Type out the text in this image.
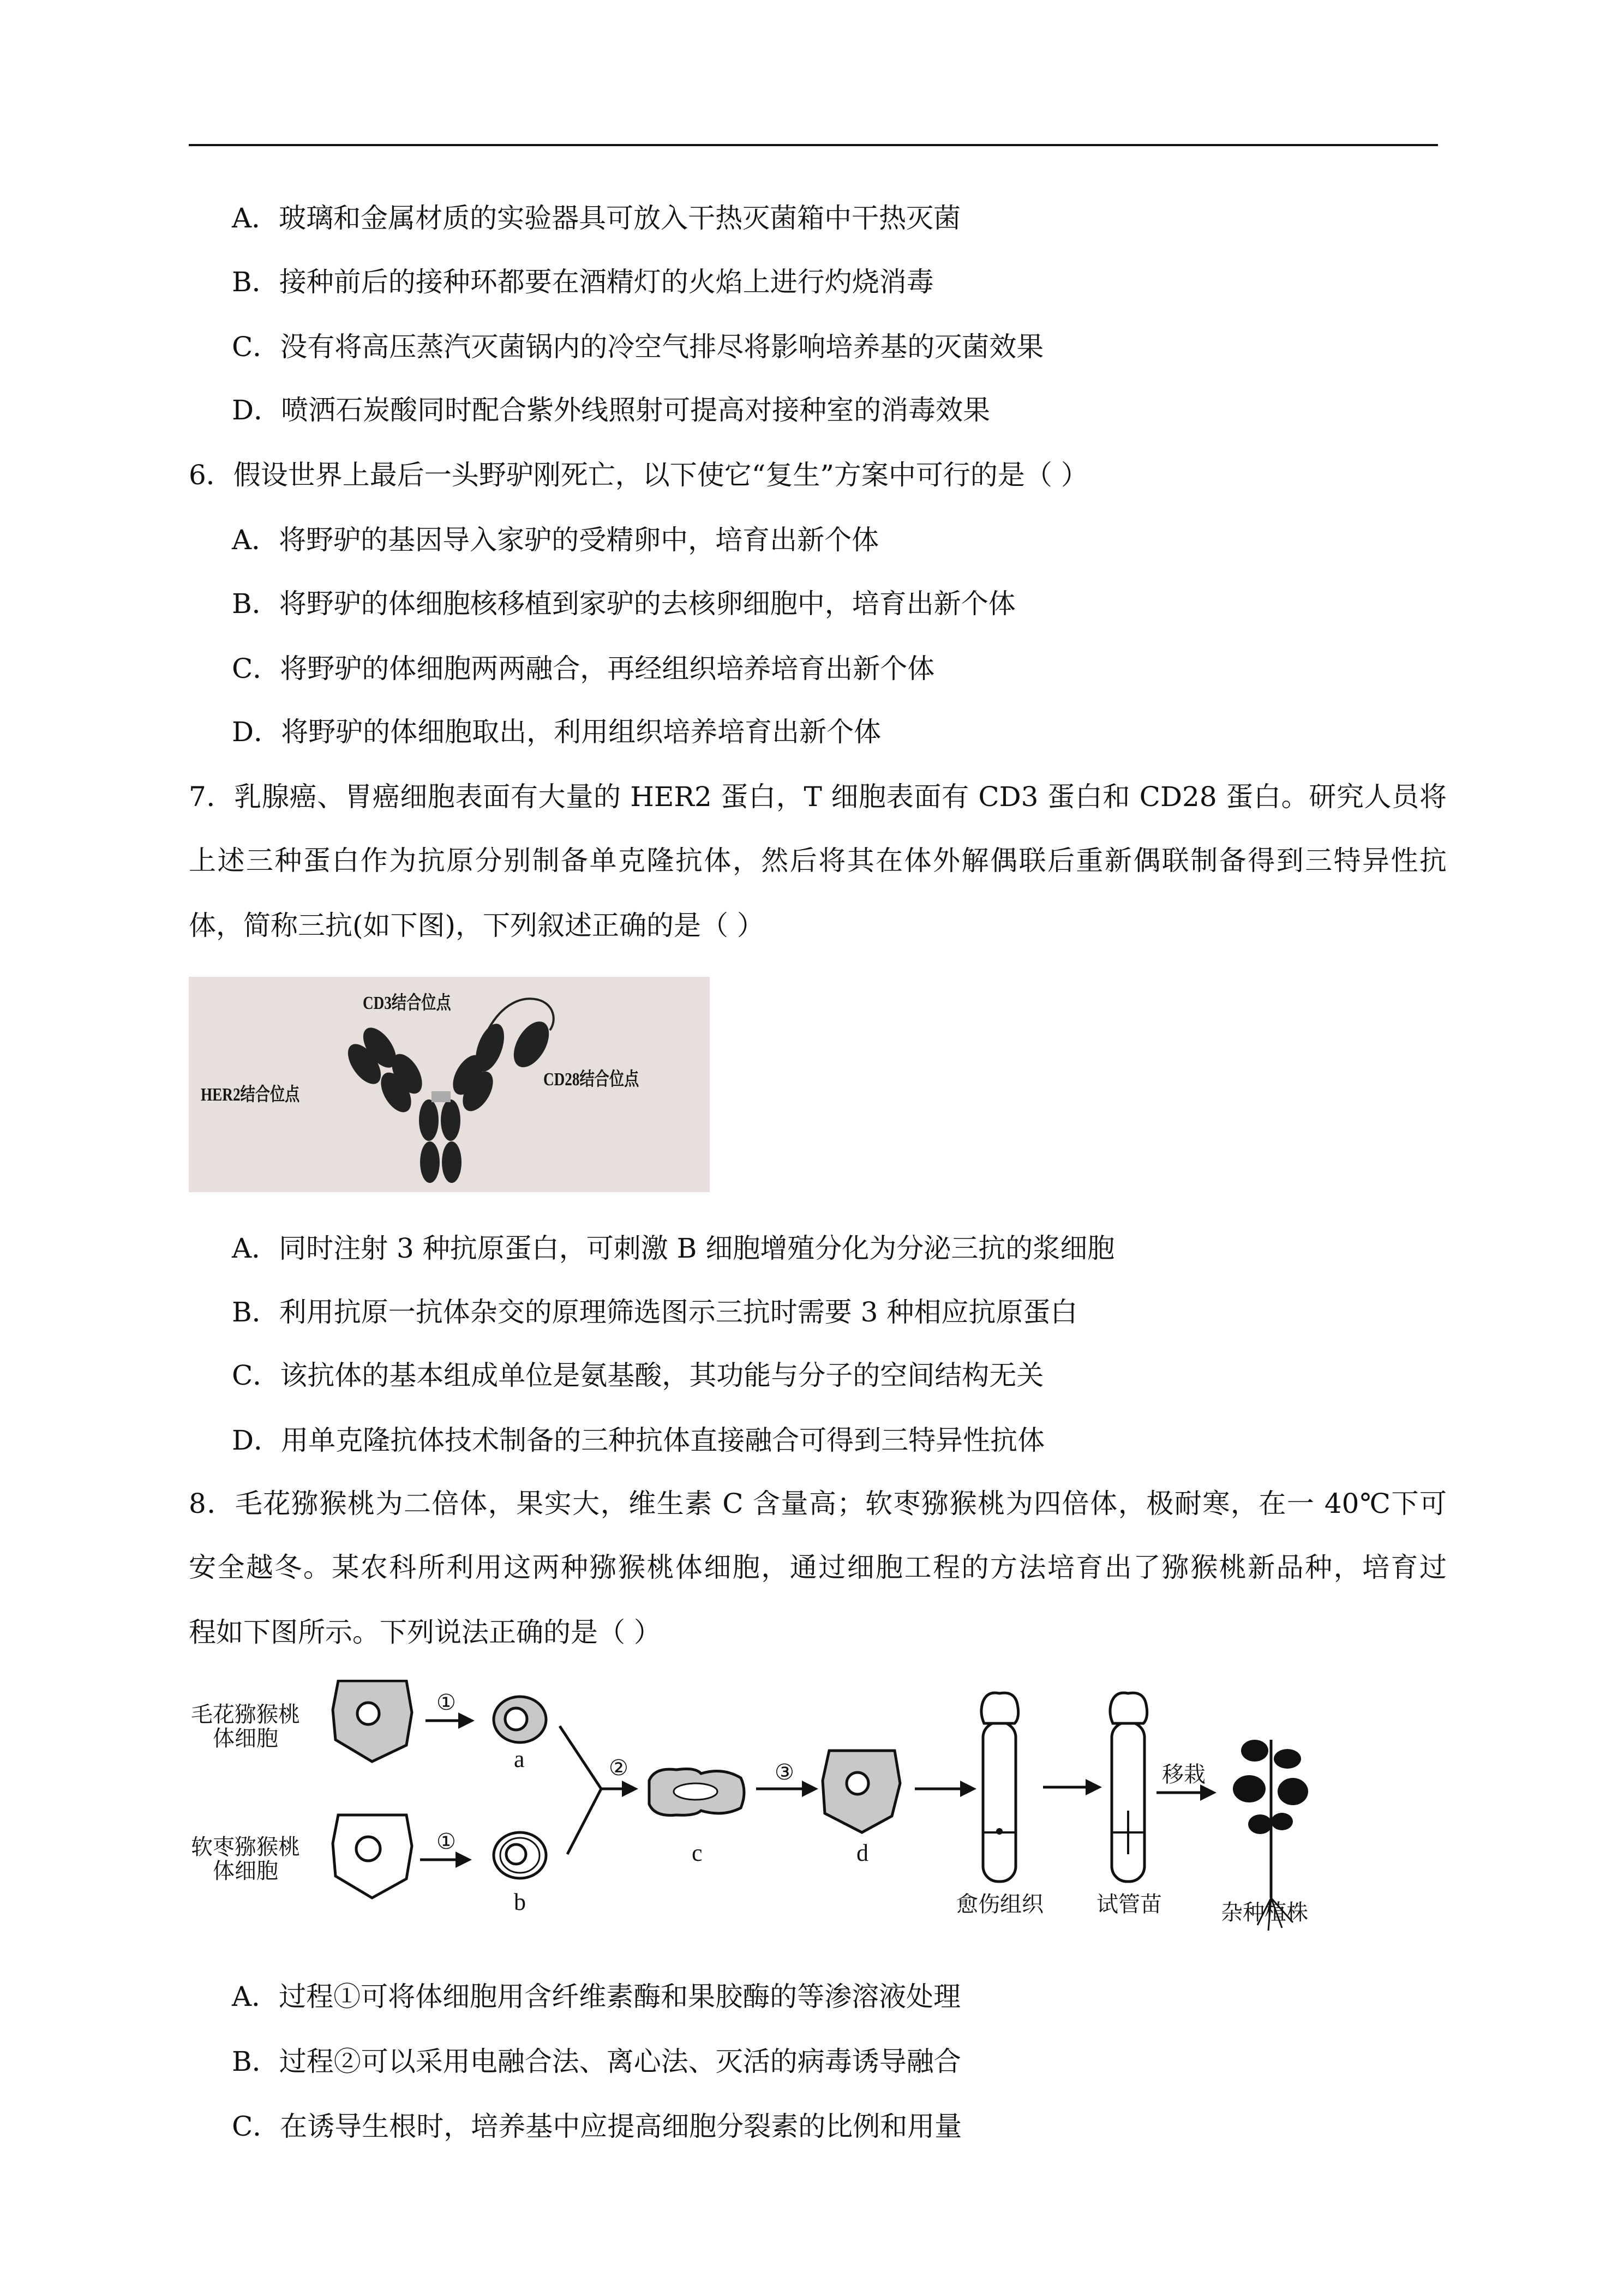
A．玻璃和金属材质的实验器具可放入干热灭菌箱中干热灭菌
B．接种前后的接种环都要在酒精灯的火焰上进行灼烧消毒
C．没有将高压蒸汽灭菌锅内的冷空气排尽将影响培养基的灭菌效果
D．喷洒石炭酸同时配合紫外线照射可提高对接种室的消毒效果
6．假设世界上最后一头野驴刚死亡，以下使它“复生”方案中可行的是（ ）
A．将野驴的基因导入家驴的受精卵中，培育出新个体
B．将野驴的体细胞核移植到家驴的去核卵细胞中，培育出新个体
C．将野驴的体细胞两两融合，再经组织培养培育出新个体
D．将野驴的体细胞取出，利用组织培养培育出新个体
7．乳腺癌、胃癌细胞表面有大量的 HER2 蛋白，T 细胞表面有 CD3 蛋白和 CD28 蛋白。研究人员将
上述三种蛋白作为抗原分别制备单克隆抗体，然后将其在体外解偶联后重新偶联制备得到三特异性抗
体，简称三抗(如下图)，下列叙述正确的是（ ）
CD3结合位点
HER2结合位点
CD28结合位点
A．同时注射 3 种抗原蛋白，可刺激 B 细胞增殖分化为分泌三抗的浆细胞
B．利用抗原一抗体杂交的原理筛选图示三抗时需要 3 种相应抗原蛋白
C．该抗体的基本组成单位是氨基酸，其功能与分子的空间结构无关
D．用单克隆抗体技术制备的三种抗体直接融合可得到三特异性抗体
8．毛花猕猴桃为二倍体，果实大，维生素 C 含量高；软枣猕猴桃为四倍体，极耐寒，在一 40℃下可
安全越冬。某农科所利用这两种猕猴桃体细胞，通过细胞工程的方法培育出了猕猴桃新品种，培育过
程如下图所示。下列说法正确的是（ ）
毛花猕猴桃
体细胞
软枣猕猴桃
体细胞
①
①
②	③
a
b
c	d
愈伤组织 试管苗
移栽
杂种植株
A．过程①可将体细胞用含纤维素酶和果胶酶的等渗溶液处理
B．过程②可以采用电融合法、离心法、灭活的病毒诱导融合
C．在诱导生根时，培养基中应提高细胞分裂素的比例和用量
